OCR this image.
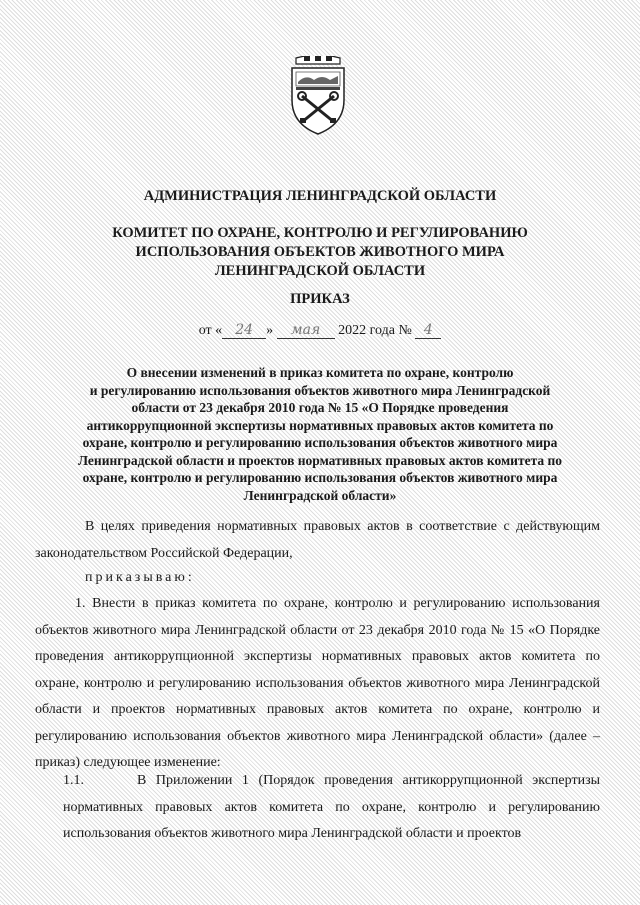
АДМИНИСТРАЦИЯ ЛЕНИНГРАДСКОЙ ОБЛАСТИ
КОМИТЕТ ПО ОХРАНЕ, КОНТРОЛЮ И РЕГУЛИРОВАНИЮ
ИСПОЛЬЗОВАНИЯ ОБЪЕКТОВ ЖИВОТНОГО МИРА
ЛЕНИНГРАДСКОЙ ОБЛАСТИ
ПРИКАЗ
от « 24 » мая 2022 года № 4
О внесении изменений в приказ комитета по охране, контролю
и регулированию использования объектов животного мира Ленинградской
области от 23 декабря 2010 года № 15 «О Порядке проведения
антикоррупционной экспертизы нормативных правовых актов комитета по
охране, контролю и регулированию использования объектов животного мира
Ленинградской области и проектов нормативных правовых актов комитета по
охране, контролю и регулированию использования объектов животного мира
Ленинградской области»
В целях приведения нормативных правовых актов в соответствие с действующим законодательством Российской Федерации,
приказываю:
1. Внести в приказ комитета по охране, контролю и регулированию использования объектов животного мира Ленинградской области от 23 декабря 2010 года № 15 «О Порядке проведения антикоррупционной экспертизы нормативных правовых актов комитета по охране, контролю и регулированию использования объектов животного мира Ленинградской области и проектов нормативных правовых актов комитета по охране, контролю и регулированию использования объектов животного мира Ленинградской области» (далее – приказ) следующее изменение:
1.1.	В Приложении 1 (Порядок проведения антикоррупционной экспертизы нормативных правовых актов комитета по охране, контролю и регулированию использования объектов животного мира Ленинградской области и проектов
